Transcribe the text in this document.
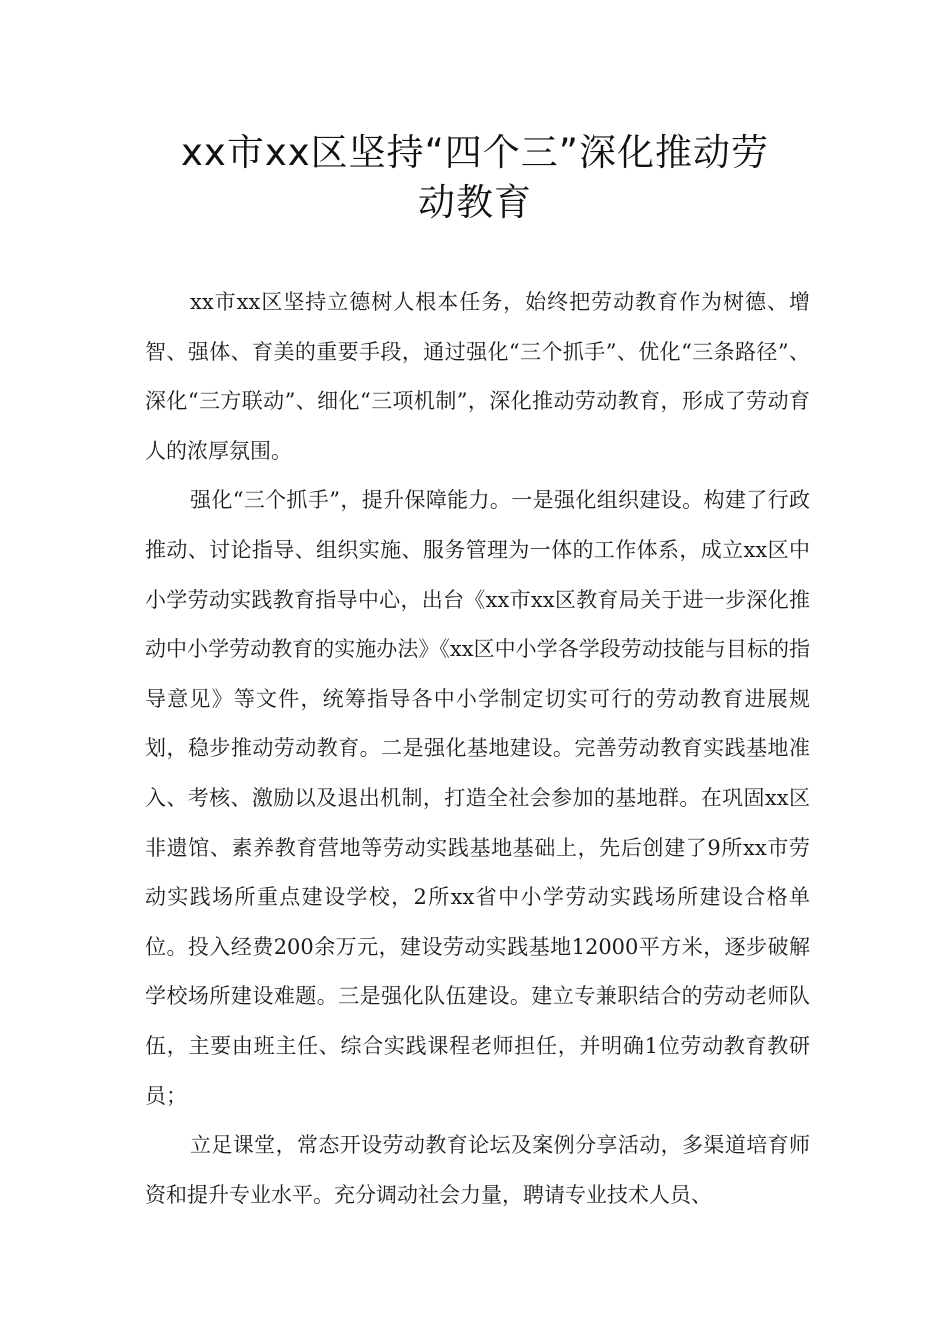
xx市xx区坚持“四个三”深化推动劳
动教育

xx市xx区坚持立德树人根本任务，始终把劳动教育作为树德、增智、强体、育美的重要手段，通过强化“三个抓手”、优化“三条路径”、深化“三方联动”、细化“三项机制”，深化推动劳动教育，形成了劳动育人的浓厚氛围。

强化“三个抓手”，提升保障能力。一是强化组织建设。构建了行政推动、讨论指导、组织实施、服务管理为一体的工作体系，成立xx区中小学劳动实践教育指导中心，出台《xx市xx区教育局关于进一步深化推动中小学劳动教育的实施办法》《xx区中小学各学段劳动技能与目标的指导意见》等文件，统筹指导各中小学制定切实可行的劳动教育进展规划，稳步推动劳动教育。二是强化基地建设。完善劳动教育实践基地准入、考核、激励以及退出机制，打造全社会参加的基地群。在巩固xx区非遗馆、素养教育营地等劳动实践基地基础上，先后创建了9所xx市劳动实践场所重点建设学校，2所xx省中小学劳动实践场所建设合格单位。投入经费200余万元，建设劳动实践基地12000平方米，逐步破解学校场所建设难题。三是强化队伍建设。建立专兼职结合的劳动老师队伍，主要由班主任、综合实践课程老师担任，并明确1位劳动教育教研员；

立足课堂，常态开设劳动教育论坛及案例分享活动，多渠道培育师资和提升专业水平。充分调动社会力量，聘请专业技术人员、
